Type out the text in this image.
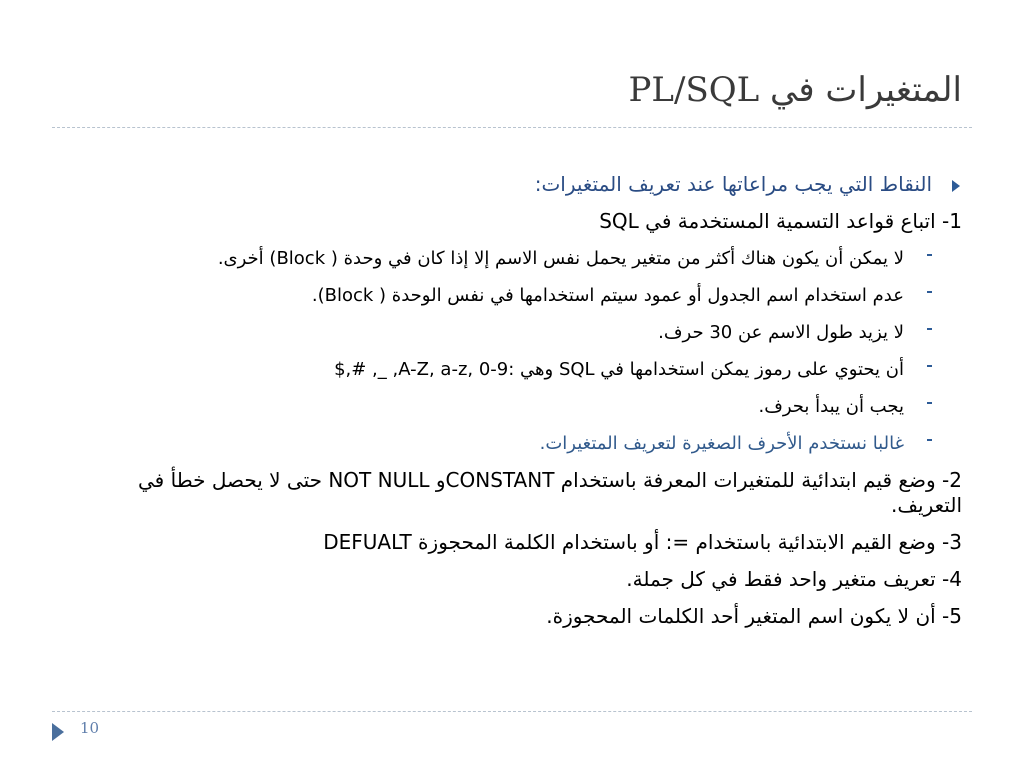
المتغيرات في PL/SQL
النقاط التي يجب مراعاتها عند تعريف المتغيرات:
1- اتباع قواعد التسمية المستخدمة في SQL
لا يمكن أن يكون هناك أكثر من متغير يحمل نفس الاسم إلا إذا كان في وحدة ( Block) أخرى.
عدم استخدام اسم الجدول أو عمود سيتم استخدامها في نفس الوحدة ( Block).
لا يزيد طول الاسم عن 30 حرف.
أن يحتوي على رموز يمكن استخدامها في SQL وهي :A-Z, a-z, 0-9, _, #,$
يجب أن يبدأ بحرف.
غالبا نستخدم الأحرف الصغيرة لتعريف المتغيرات.
2- وضع قيم ابتدائية للمتغيرات المعرفة باستخدام CONSTANTو NOT NULL حتى لا يحصل خطأ في التعريف.
3- وضع القيم الابتدائية باستخدام =: أو باستخدام الكلمة المحجوزة DEFUALT
4- تعريف متغير واحد فقط في كل جملة.
5- أن لا يكون اسم المتغير أحد الكلمات المحجوزة.
10
